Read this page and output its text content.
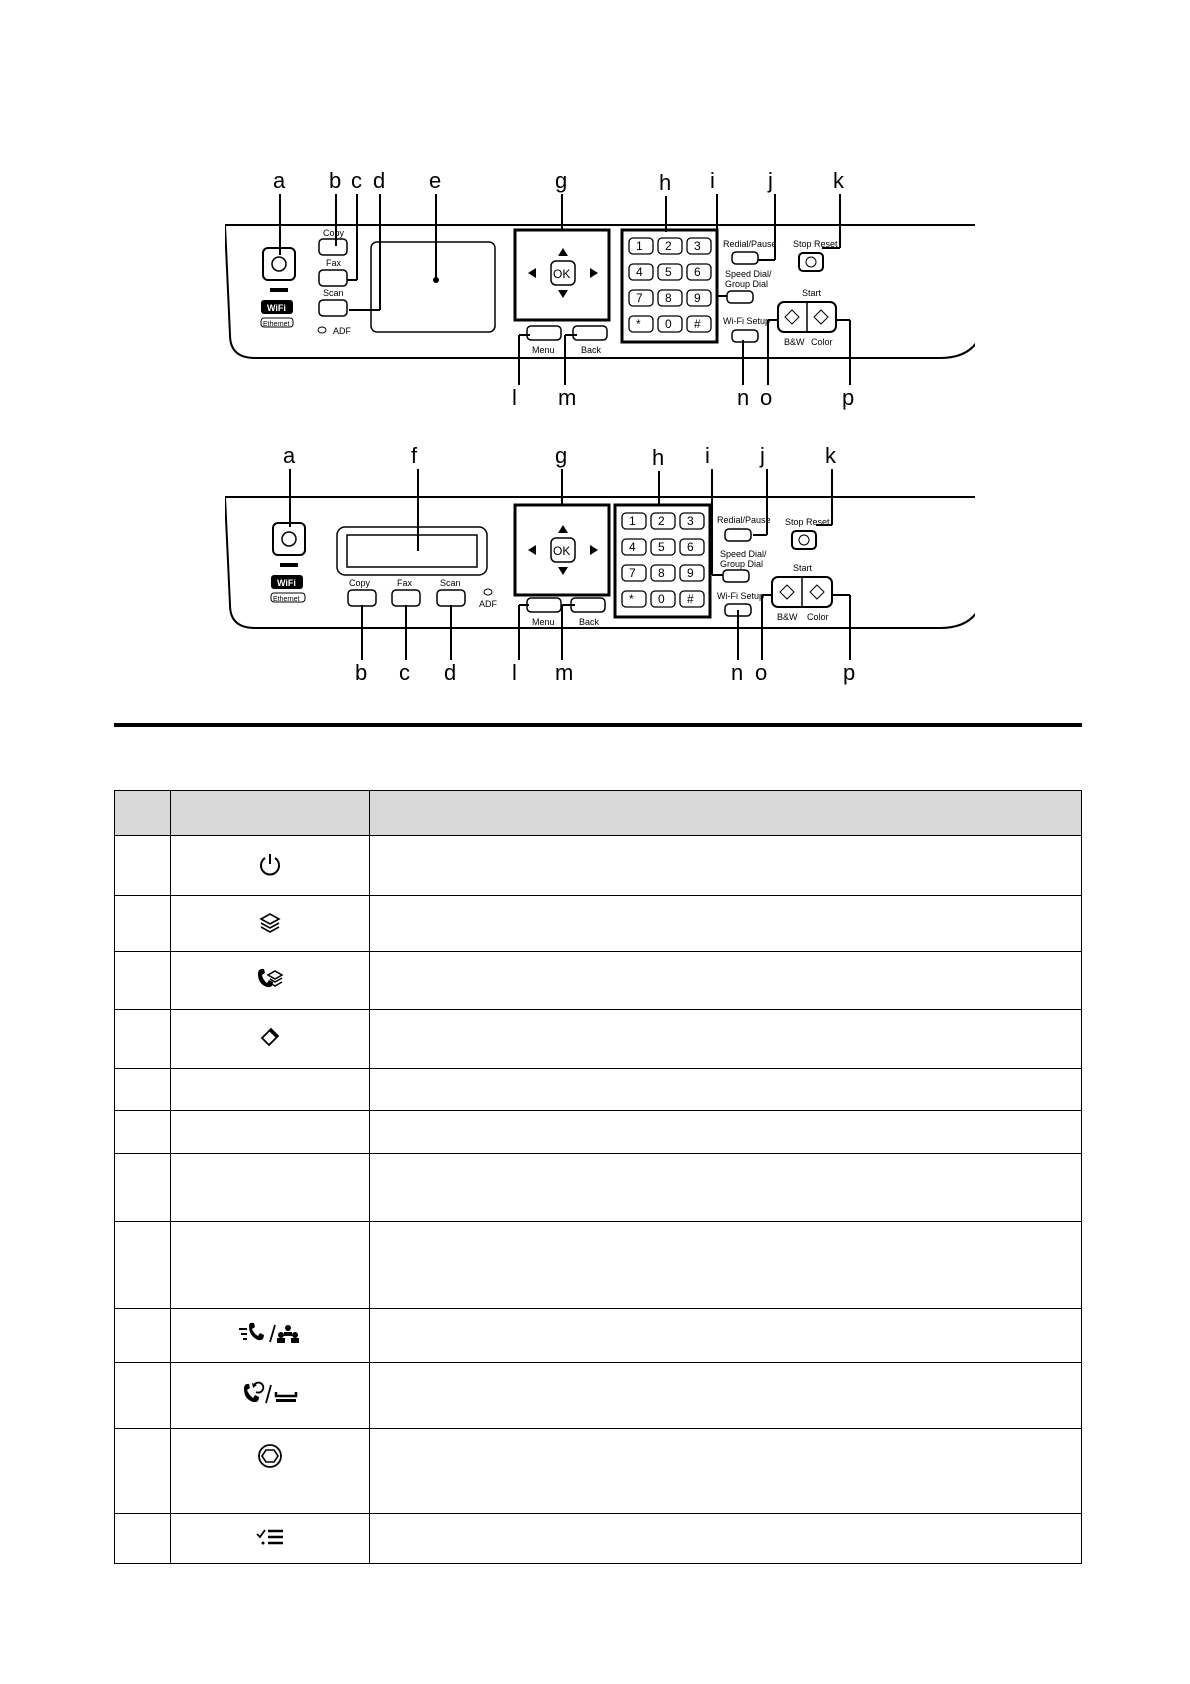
a b c d e	g	h i j	k
l m	n o	p
WiFi
Ethernet
Copy
Fax
Scan
ADF
OK
Menu	Back
1 2 3
4 5 6
7 8 9
* 0 #
Redial/Pause
Speed Dial/
Group Dial
Wi-Fi Setup
Stop Reset
Start
B&W Color
a	f	g	h i j	k
b c d	l m	n o	p
WiFi
Ethernet
Copy	Fax	Scan
ADF
OK
Menu	Back
1 2 3
4 5 6
7 8 9
* 0 #
Redial/Pause
Speed Dial/
Group Dial
Wi-Fi Setup
Stop Reset
Start
B&W Color
